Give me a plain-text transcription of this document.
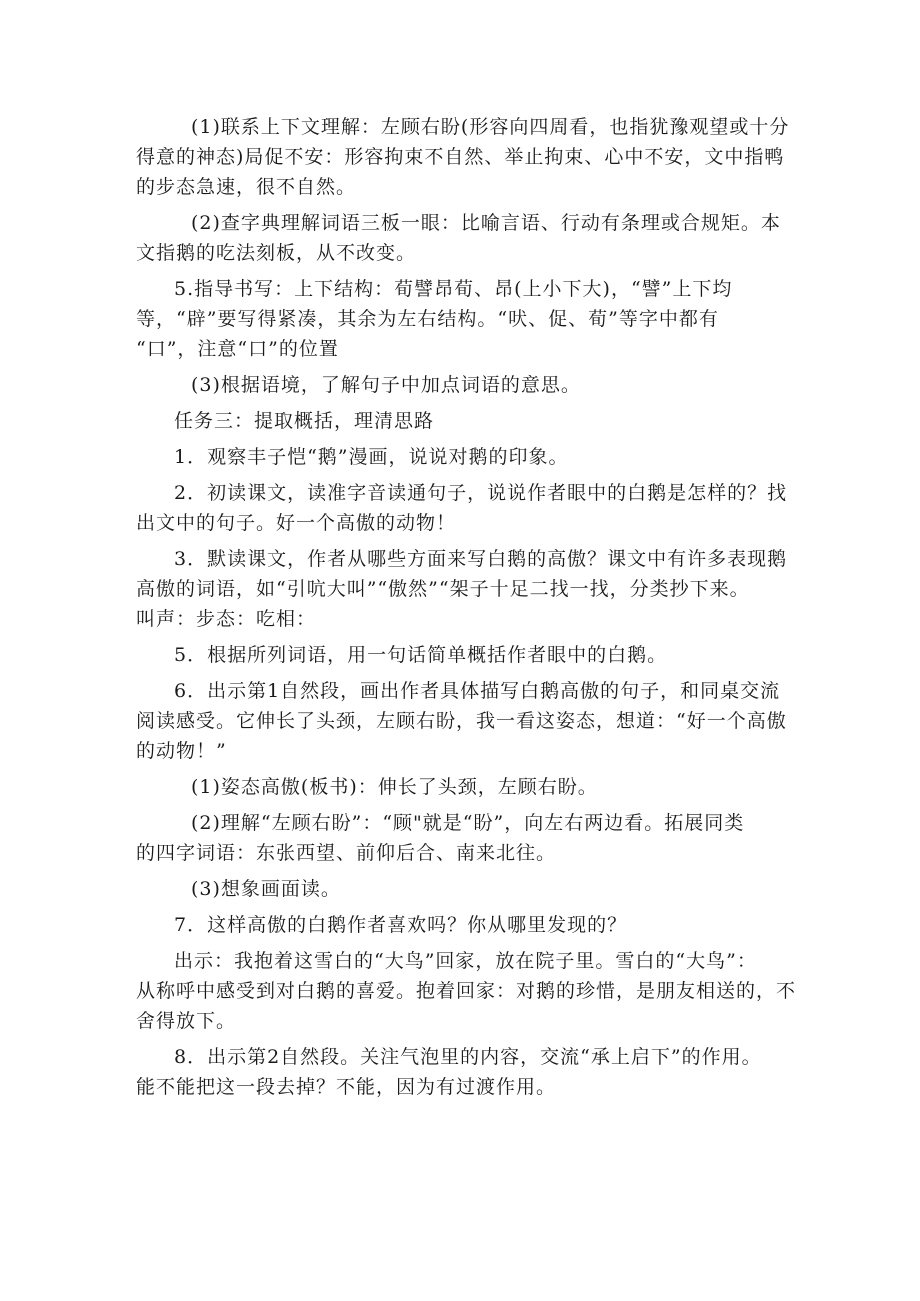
(1)联系上下文理解：左顾右盼(形容向四周看，也指犹豫观望或十分
得意的神态)局促不安：形容拘束不自然、举止拘束、心中不安，文中指鸭
的步态急速，很不自然。
(2)查字典理解词语三板一眼：比喻言语、行动有条理或合规矩。本
文指鹅的吃法刻板，从不改变。
5.指导书写：上下结构：荀譬昂荀、昂(上小下大)，“譬”上下均
等，“辟”要写得紧凑，其余为左右结构。“吠、促、荀”等字中都有
“口”，注意“口”的位置
(3)根据语境，了解句子中加点词语的意思。
任务三：提取概括，理清思路
1．观察丰子恺“鹅”漫画，说说对鹅的印象。
2．初读课文，读准字音读通句子，说说作者眼中的白鹅是怎样的？找
出文中的句子。好一个高傲的动物！
3．默读课文，作者从哪些方面来写白鹅的高傲？课文中有许多表现鹅
高傲的词语，如“引吭大叫”“傲然”“架子十足二找一找，分类抄下来。
叫声：步态：吃相：
5．根据所列词语，用一句话简单概括作者眼中的白鹅。
6．出示第1自然段，画出作者具体描写白鹅高傲的句子，和同桌交流
阅读感受。它伸长了头颈，左顾右盼，我一看这姿态，想道：“好一个高傲
的动物！”
(1)姿态高傲(板书)：伸长了头颈，左顾右盼。
(2)理解“左顾右盼”：“顾"就是“盼”，向左右两边看。拓展同类
的四字词语：东张西望、前仰后合、南来北往。
(3)想象画面读。
7．这样高傲的白鹅作者喜欢吗？你从哪里发现的？
出示：我抱着这雪白的“大鸟”回家，放在院子里。雪白的“大鸟”：
从称呼中感受到对白鹅的喜爱。抱着回家：对鹅的珍惜，是朋友相送的，不
舍得放下。
8．出示第2自然段。关注气泡里的内容，交流“承上启下”的作用。
能不能把这一段去掉？不能，因为有过渡作用。
